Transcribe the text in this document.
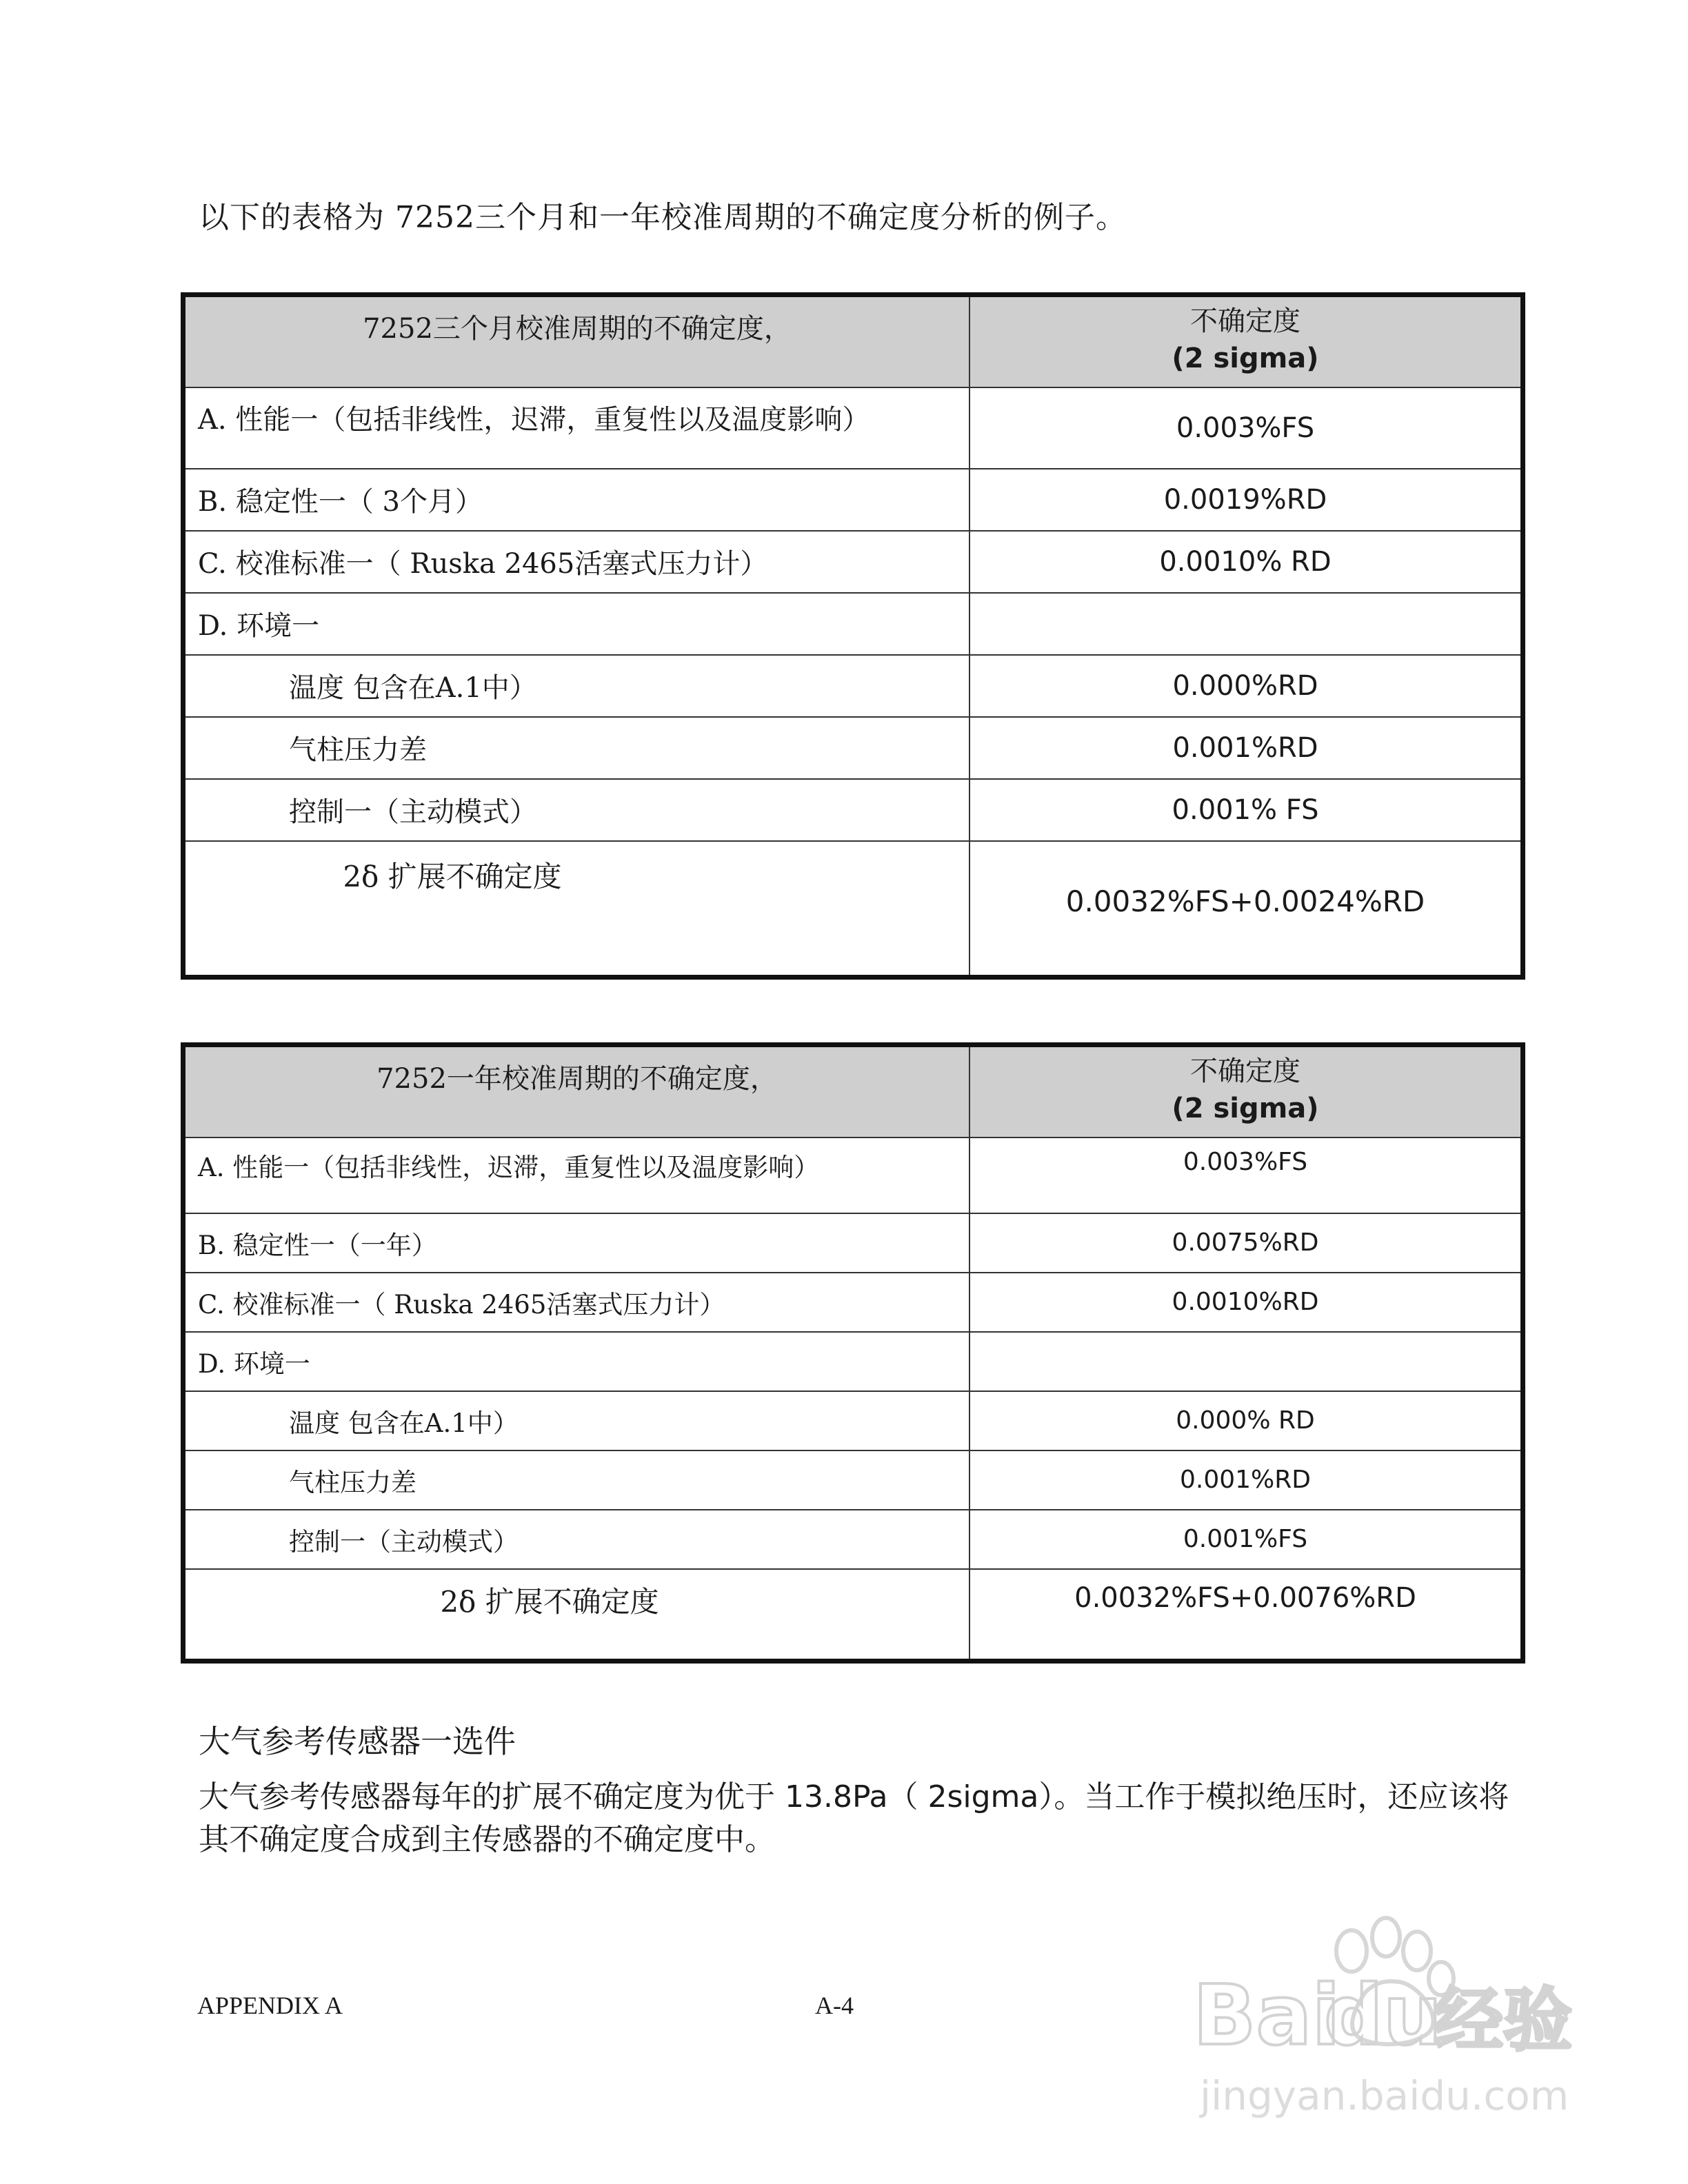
以下的表格为 7252三个月和一年校准周期的不确定度分析的例子。
7252三个月校准周期的不确定度，	不确定度
(2 sigma)

A. 性能一（包括非线性，迟滞，重复性以及温度影响）	0.003%FS
B. 稳定性一（ 3个月）	0.0019%RD
C. 校准标准一（ Ruska 2465活塞式压力计）	0.0010% RD
D. 环境一	
温度 包含在A.1中）	0.000%RD
气柱压力差	0.001%RD
控制一（主动模式）	0.001% FS
2δ 扩展不确定度	0.0032%FS+0.0024%RD
7252一年校准周期的不确定度，	不确定度
(2 sigma)

A. 性能一（包括非线性，迟滞，重复性以及温度影响）	0.003%FS
B. 稳定性一（一年）	0.0075%RD
C. 校准标准一（ Ruska 2465活塞式压力计）	0.0010%RD
D. 环境一	
温度 包含在A.1中）	0.000% RD
气柱压力差	0.001%RD
控制一（主动模式）	0.001%FS
2δ 扩展不确定度	0.0032%FS+0.0076%RD
大气参考传感器一选件
大气参考传感器每年的扩展不确定度为优于 13.8Pa（ 2sigma）。当工作于模拟绝压时，还应该将其不确定度合成到主传感器的不确定度中。
APPENDIX A	A-4	Bai
du
经验
jingyan.baidu.com
